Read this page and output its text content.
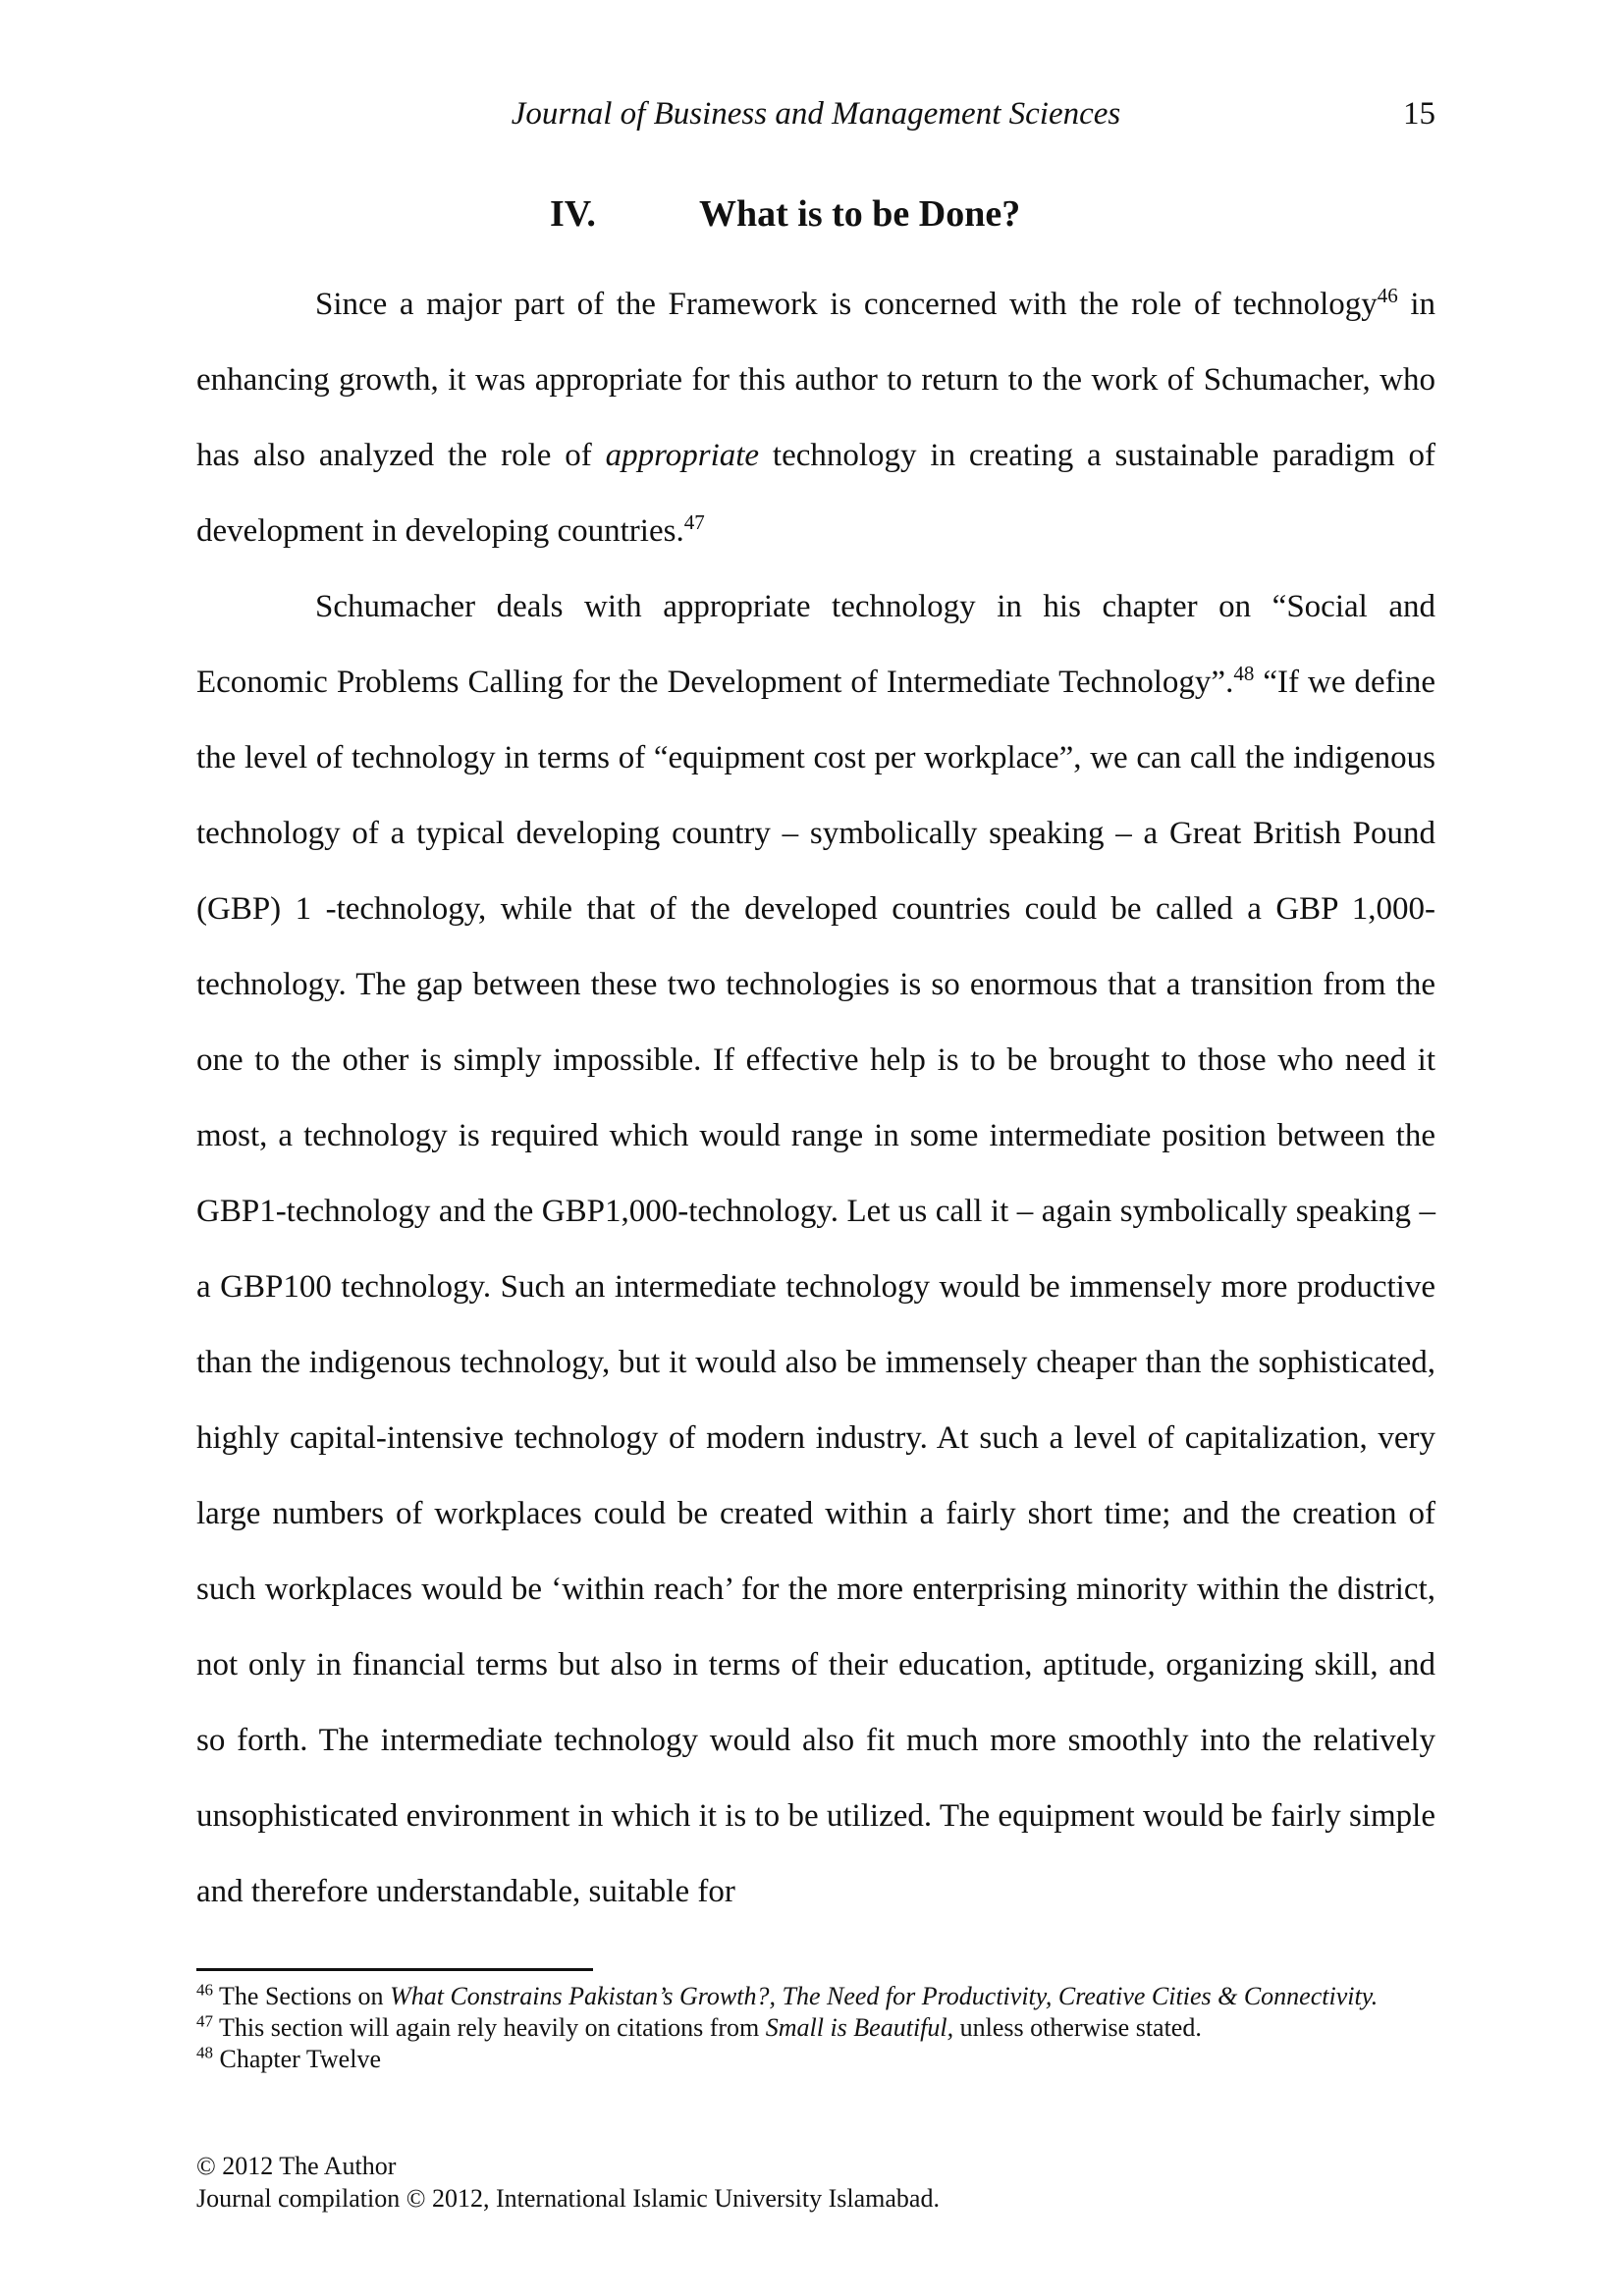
Journal of Business and Management Sciences	15
IV.	What is to be Done?

Since a major part of the Framework is concerned with the role of technology$^{46}$ in enhancing growth, it was appropriate for this author to return to the work of Schumacher, who has also analyzed the role of appropriate technology in creating a sustainable paradigm of development in developing countries.$^{47}$

Schumacher deals with appropriate technology in his chapter on “Social and Economic Problems Calling for the Development of Intermediate Technology”.$^{48}$ “If we define the level of technology in terms of “equipment cost per workplace”, we can call the indigenous technology of a typical developing country – symbolically speaking – a Great British Pound (GBP) 1 -technology, while that of the developed countries could be called a GBP 1,000-technology. The gap between these two technologies is so enormous that a transition from the one to the other is simply impossible. If effective help is to be brought to those who need it most, a technology is required which would range in some intermediate position between the GBP1-technology and the GBP1,000-technology. Let us call it – again symbolically speaking – a GBP100 technology. Such an intermediate technology would be immensely more productive than the indigenous technology, but it would also be immensely cheaper than the sophisticated, highly capital-intensive technology of modern industry. At such a level of capitalization, very large numbers of workplaces could be created within a fairly short time; and the creation of such workplaces would be ‘within reach’ for the more enterprising minority within the district, not only in financial terms but also in terms of their education, aptitude, organizing skill, and so forth. The intermediate technology would also fit much more smoothly into the relatively unsophisticated environment in which it is to be utilized. The equipment would be fairly simple and therefore understandable, suitable for

$^{46}$ The Sections on What Constrains Pakistan’s Growth?, The Need for Productivity, Creative Cities & Connectivity.
$^{47}$ This section will again rely heavily on citations from Small is Beautiful, unless otherwise stated.
$^{48}$ Chapter Twelve
© 2012 The Author
Journal compilation © 2012, International Islamic University Islamabad.
